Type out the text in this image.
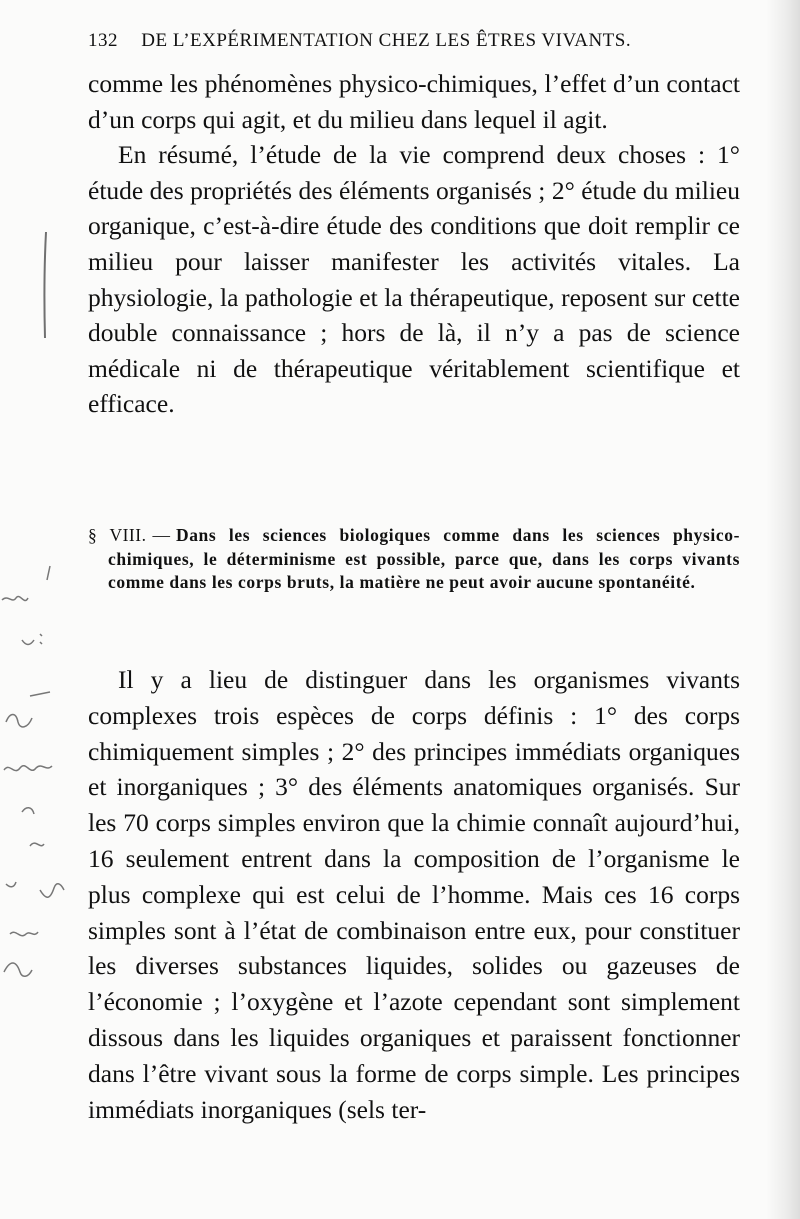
132 DE L’EXPÉRIMENTATION CHEZ LES ÊTRES VIVANTS.

comme les phénomènes physico-chimiques, l’effet d’un contact d’un corps qui agit, et du milieu dans lequel il agit.

En résumé, l’étude de la vie comprend deux choses : 1° étude des propriétés des éléments organisés ; 2° étude du milieu organique, c’est-à-dire étude des conditions que doit remplir ce milieu pour laisser manifester les activités vitales. La physiologie, la pathologie et la thérapeutique, reposent sur cette double connaissance ; hors de là, il n’y a pas de science médicale ni de thérapeutique véritablement scientifique et efficace.

§ VIII. — Dans les sciences biologiques comme dans les sciences physico-chimiques, le déterminisme est possible, parce que, dans les corps vivants comme dans les corps bruts, la matière ne peut avoir aucune spontanéité.

Il y a lieu de distinguer dans les organismes vivants complexes trois espèces de corps définis : 1° des corps chimiquement simples ; 2° des principes immédiats organiques et inorganiques ; 3° des éléments anatomiques organisés. Sur les 70 corps simples environ que la chimie connaît aujourd’hui, 16 seulement entrent dans la composition de l’organisme le plus complexe qui est celui de l’homme. Mais ces 16 corps simples sont à l’état de combinaison entre eux, pour constituer les diverses substances liquides, solides ou gazeuses de l’économie ; l’oxygène et l’azote cependant sont simplement dissous dans les liquides organiques et paraissent fonctionner dans l’être vivant sous la forme de corps simple. Les principes immédiats inorganiques (sels ter-
